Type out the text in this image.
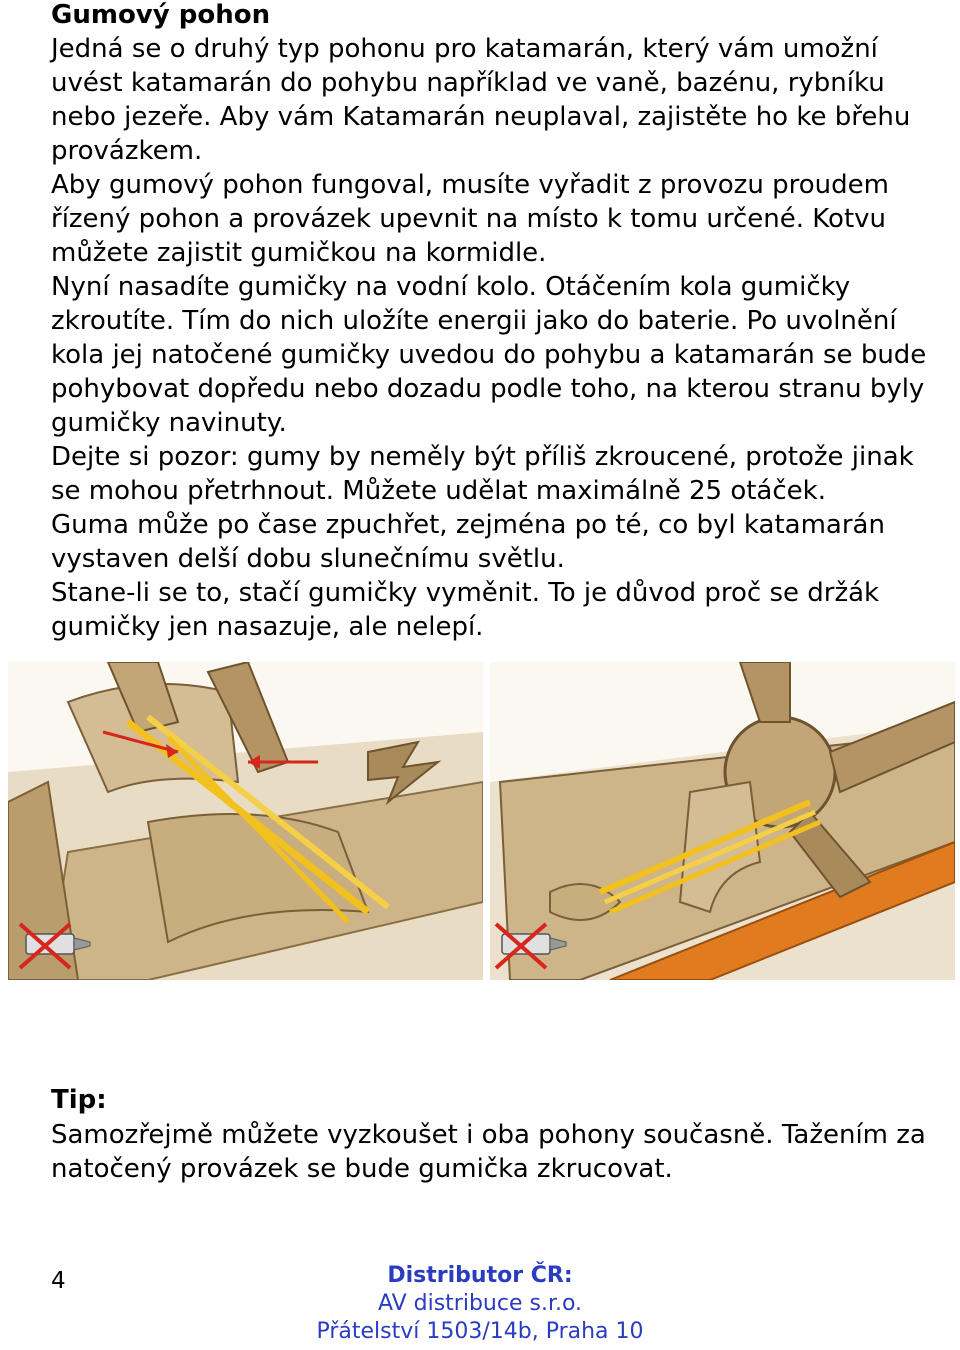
Gumový pohon

Jedná se o druhý typ pohonu pro katamarán, který vám umožní uvést katamarán do pohybu například ve vaně, bazénu, rybníku nebo jezeře. Aby vám Katamarán neuplaval, zajistěte ho ke břehu provázkem.

Aby gumový pohon fungoval, musíte vyřadit z provozu proudem řízený pohon a provázek upevnit na místo k tomu určené. Kotvu můžete zajistit gumičkou na kormidle.

Nyní nasadíte gumičky na vodní kolo. Otáčením kola gumičky zkroutíte. Tím do nich uložíte energii jako do baterie. Po uvolnění kola jej natočené gumičky uvedou do pohybu a katamarán se bude pohybovat dopředu nebo dozadu podle toho, na kterou stranu byly gumičky navinuty.

Dejte si pozor: gumy by neměly být příliš zkroucené, protože jinak se mohou přetrhnout. Můžete udělat maximálně 25 otáček.

Guma může po čase zpuchřet, zejména po té, co byl katamarán vystaven delší dobu slunečnímu světlu.

Stane-li se to, stačí gumičky vyměnit. To je důvod proč se držák gumičky jen nasazuje, ale nelepí.

Tip:

Samozřejmě můžete vyzkoušet i oba pohony současně. Tažením za natočený provázek se bude gumička zkrucovat.

4	Distributor ČR:
AV distribuce s.r.o.
Přátelství 1503/14b, Praha 10
